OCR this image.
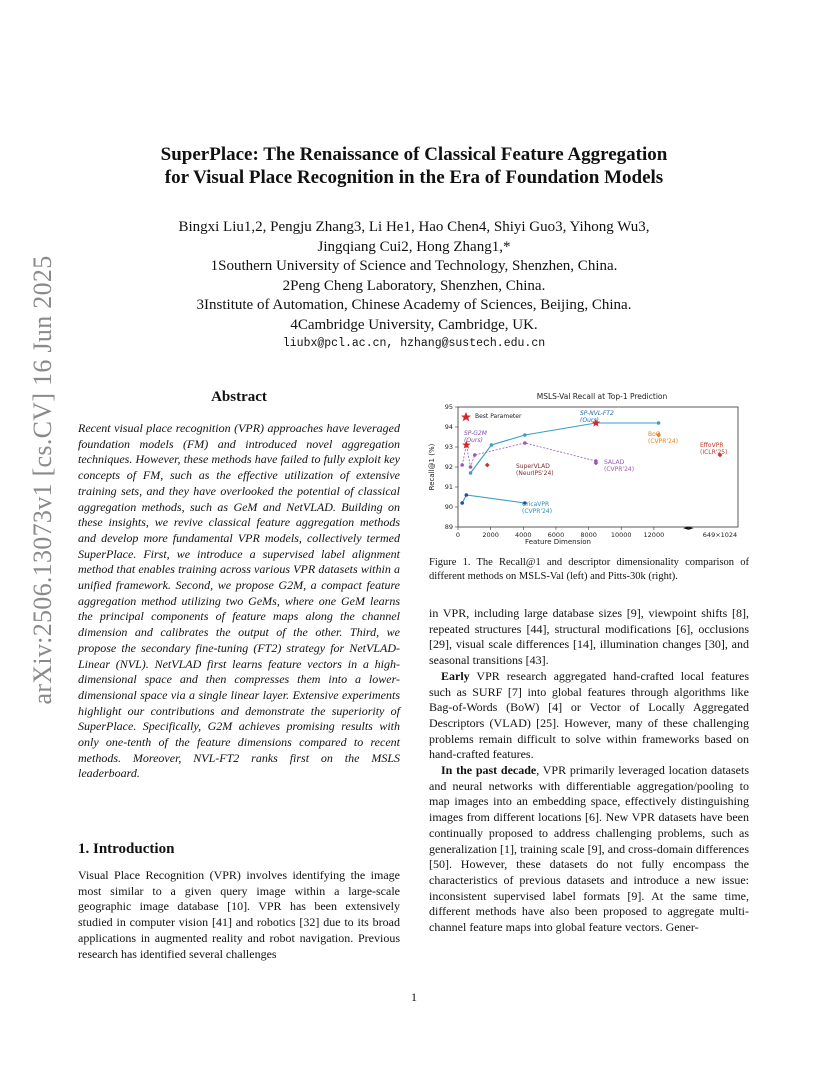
arXiv:2506.13073v1 [cs.CV] 16 Jun 2025
SuperPlace: The Renaissance of Classical Feature Aggregation
for Visual Place Recognition in the Era of Foundation Models
Bingxi Liu1,2, Pengju Zhang3, Li He1, Hao Chen4, Shiyi Guo3, Yihong Wu3,
Jingqiang Cui2, Hong Zhang1,*
1Southern University of Science and Technology, Shenzhen, China.
2Peng Cheng Laboratory, Shenzhen, China.
3Institute of Automation, Chinese Academy of Sciences, Beijing, China.
4Cambridge University, Cambridge, UK.
liubx@pcl.ac.cn, hzhang@sustech.edu.cn
Abstract
Recent visual place recognition (VPR) approaches have leveraged foundation models (FM) and introduced novel aggregation techniques. However, these methods have failed to fully exploit key concepts of FM, such as the effective utilization of extensive training sets, and they have overlooked the potential of classical aggregation methods, such as GeM and NetVLAD. Building on these insights, we revive classical feature aggregation methods and develop more fundamental VPR models, collectively termed SuperPlace. First, we introduce a supervised label alignment method that enables training across various VPR datasets within a unified framework. Second, we propose G2M, a compact feature aggregation method utilizing two GeMs, where one GeM learns the principal components of feature maps along the channel dimension and calibrates the output of the other. Third, we propose the secondary fine-tuning (FT2) strategy for NetVLAD-Linear (NVL). NetVLAD first learns feature vectors in a high-dimensional space and then compresses them into a lower-dimensional space via a single linear layer. Extensive experiments highlight our contributions and demonstrate the superiority of SuperPlace. Specifically, G2M achieves promising results with only one-tenth of the feature dimensions compared to recent methods. Moreover, NVL-FT2 ranks first on the MSLS leaderboard.
1. Introduction
Visual Place Recognition (VPR) involves identifying the image most similar to a given query image within a large-scale geographic image database [10]. VPR has been extensively studied in computer vision [41] and robotics [32] due to its broad applications in augmented reality and robot navigation. Previous research has identified several challenges
MSLS-Val Recall at Top-1 Prediction
Recall@1 (%)
Feature Dimension
0	2000 4000 6000 8000 10000 12000
◄►
649×1024
89
90
91
92
93
94
95
SP-G2M
(Ours)
SP-NVL-FT2
(Ours)
BoQ
(CVPR'24)
SALAD
(CVPR'24)
SuperVLAD
(NeurIPS'24)
CricaVPR
(CVPR'24)
EffoVPR
(ICLR'25)
Best Parameter
Figure 1. The Recall@1 and descriptor dimensionality comparison of different methods on MSLS-Val (left) and Pitts-30k (right).

in VPR, including large database sizes [9], viewpoint shifts [8], repeated structures [44], structural modifications [6], occlusions [29], visual scale differences [14], illumination changes [30], and seasonal transitions [43].

Early VPR research aggregated hand-crafted local features such as SURF [7] into global features through algorithms like Bag-of-Words (BoW) [4] or Vector of Locally Aggregated Descriptors (VLAD) [25]. However, many of these challenging problems remain difficult to solve within frameworks based on hand-crafted features.

In the past decade, VPR primarily leveraged location datasets and neural networks with differentiable aggregation/pooling to map images into an embedding space, effectively distinguishing images from different locations [6]. New VPR datasets have been continually proposed to address challenging problems, such as generalization [1], training scale [9], and cross-domain differences [50]. However, these datasets do not fully encompass the characteristics of previous datasets and introduce a new issue: inconsistent supervised label formats [9]. At the same time, different methods have also been proposed to aggregate multi-channel feature maps into global feature vectors. Gener-

1
